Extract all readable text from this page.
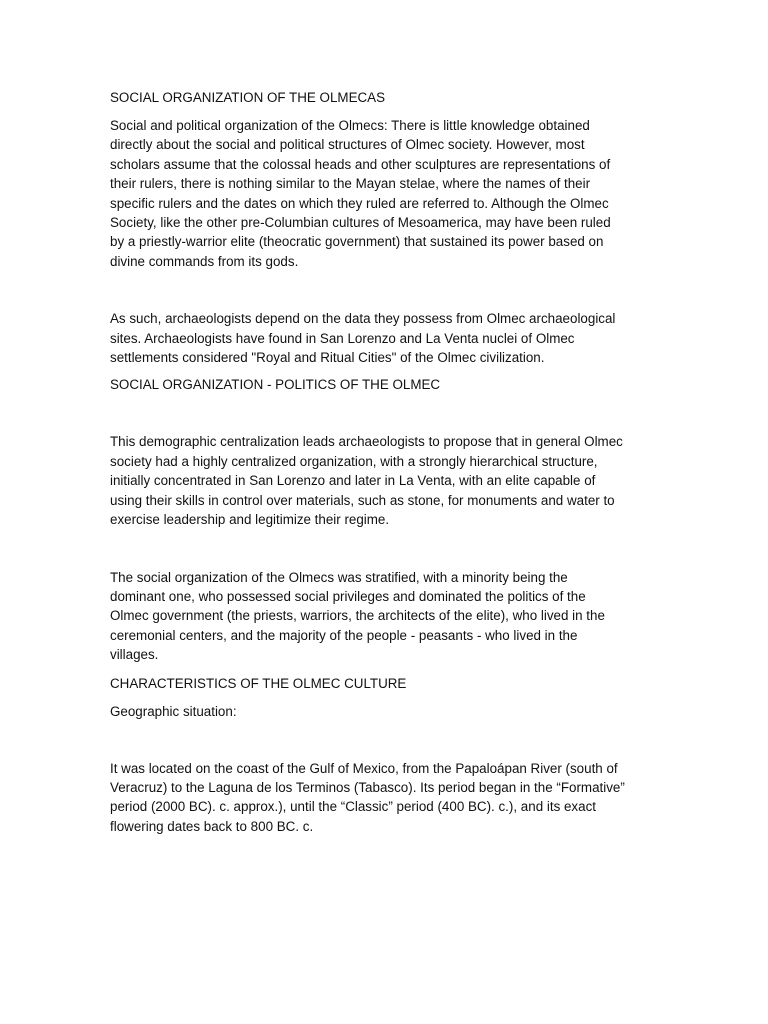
SOCIAL ORGANIZATION OF THE OLMECAS

Social and political organization of the Olmecs: There is little knowledge obtained
directly about the social and political structures of Olmec society. However, most
scholars assume that the colossal heads and other sculptures are representations of
their rulers, there is nothing similar to the Mayan stelae, where the names of their
specific rulers and the dates on which they ruled are referred to. Although the Olmec
Society, like the other pre-Columbian cultures of Mesoamerica, may have been ruled
by a priestly-warrior elite (theocratic government) that sustained its power based on
divine commands from its gods.

As such, archaeologists depend on the data they possess from Olmec archaeological
sites. Archaeologists have found in San Lorenzo and La Venta nuclei of Olmec
settlements considered "Royal and Ritual Cities" of the Olmec civilization.

SOCIAL ORGANIZATION - POLITICS OF THE OLMEC

This demographic centralization leads archaeologists to propose that in general Olmec
society had a highly centralized organization, with a strongly hierarchical structure,
initially concentrated in San Lorenzo and later in La Venta, with an elite capable of
using their skills in control over materials, such as stone, for monuments and water to
exercise leadership and legitimize their regime.

The social organization of the Olmecs was stratified, with a minority being the
dominant one, who possessed social privileges and dominated the politics of the
Olmec government (the priests, warriors, the architects of the elite), who lived in the
ceremonial centers, and the majority of the people - peasants - who lived in the
villages.

CHARACTERISTICS OF THE OLMEC CULTURE

Geographic situation:

It was located on the coast of the Gulf of Mexico, from the Papaloápan River (south of
Veracruz) to the Laguna de los Terminos (Tabasco). Its period began in the “Formative”
period (2000 BC). c. approx.), until the “Classic” period (400 BC). c.), and its exact
flowering dates back to 800 BC. c.
